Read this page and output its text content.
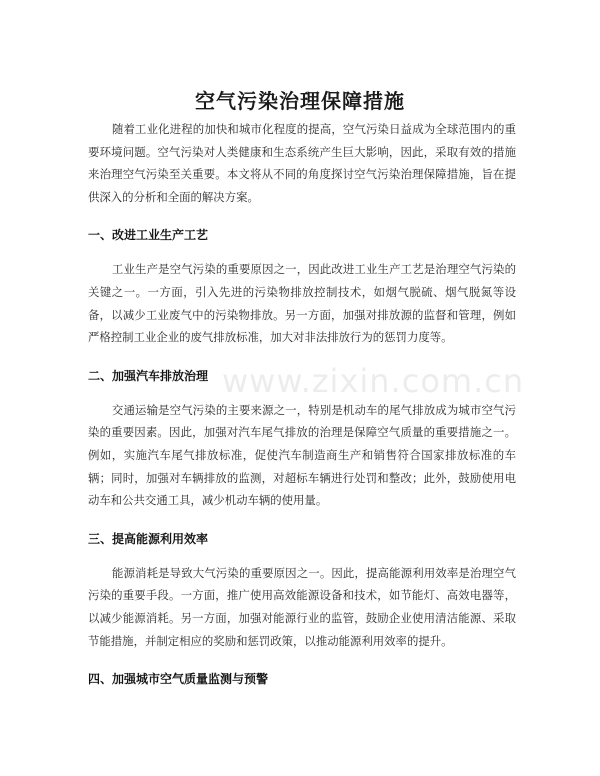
空气污染治理保障措施

随着工业化进程的加快和城市化程度的提高，空气污染日益成为全球范围内的重要环境问题。空气污染对人类健康和生态系统产生巨大影响，因此，采取有效的措施来治理空气污染至关重要。本文将从不同的角度探讨空气污染治理保障措施，旨在提供深入的分析和全面的解决方案。

一、改进工业生产工艺

工业生产是空气污染的重要原因之一，因此改进工业生产工艺是治理空气污染的关键之一。一方面，引入先进的污染物排放控制技术，如烟气脱硫、烟气脱氮等设备，以减少工业废气中的污染物排放。另一方面，加强对排放源的监督和管理，例如严格控制工业企业的废气排放标准，加大对非法排放行为的惩罚力度等。

二、加强汽车排放治理

交通运输是空气污染的主要来源之一，特别是机动车的尾气排放成为城市空气污染的重要因素。因此，加强对汽车尾气排放的治理是保障空气质量的重要措施之一。例如，实施汽车尾气排放标准，促使汽车制造商生产和销售符合国家排放标准的车辆；同时，加强对车辆排放的监测，对超标车辆进行处罚和整改；此外，鼓励使用电动车和公共交通工具，减少机动车辆的使用量。

三、提高能源利用效率

能源消耗是导致大气污染的重要原因之一。因此，提高能源利用效率是治理空气污染的重要手段。一方面，推广使用高效能源设备和技术，如节能灯、高效电器等，以减少能源消耗。另一方面，加强对能源行业的监管，鼓励企业使用清洁能源、采取节能措施，并制定相应的奖励和惩罚政策，以推动能源利用效率的提升。

四、加强城市空气质量监测与预警
www.zixin.com.cn
